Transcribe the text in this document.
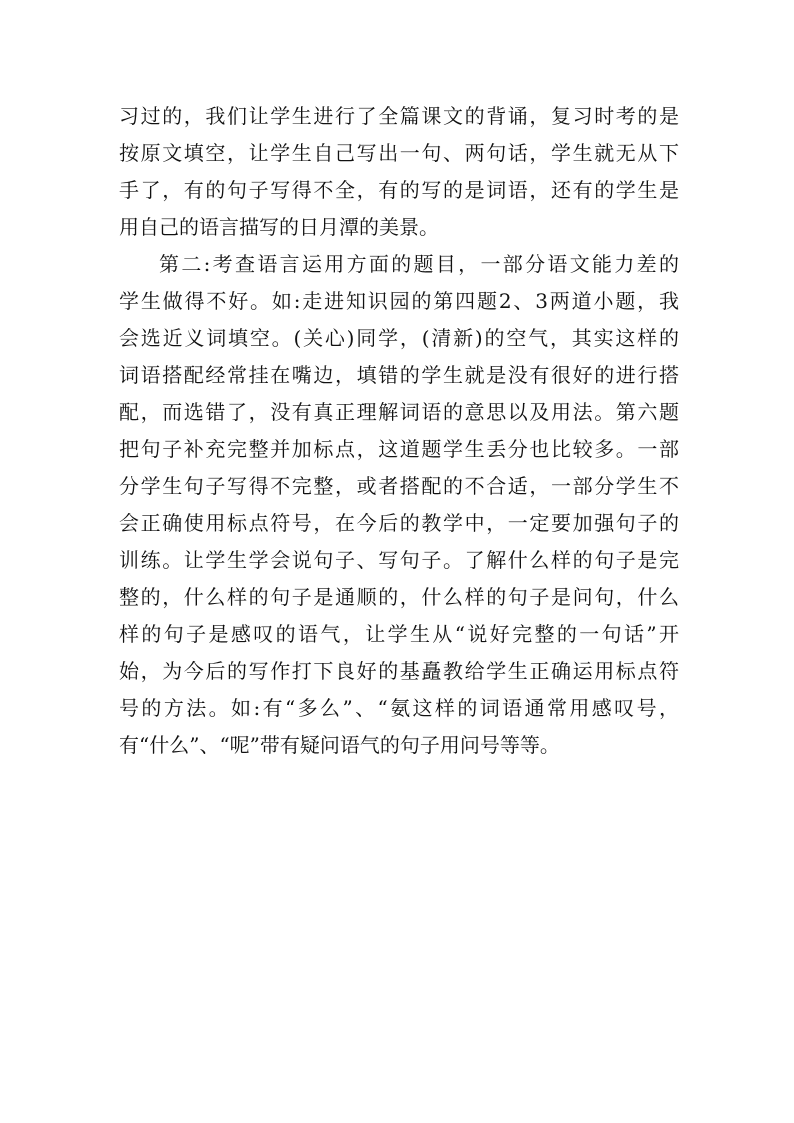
习过的，我们让学生进行了全篇课文的背诵，复习时考的是
按原文填空，让学生自己写出一句、两句话，学生就无从下
手了，有的句子写得不全，有的写的是词语，还有的学生是
用自己的语言描写的日月潭的美景。
第二:考查语言运用方面的题目，一部分语文能力差的
学生做得不好。如:走进知识园的第四题2、3两道小题，我
会选近义词填空。(关心)同学，(清新)的空气，其实这样的
词语搭配经常挂在嘴边，填错的学生就是没有很好的进行搭
配，而选错了，没有真正理解词语的意思以及用法。第六题
把句子补充完整并加标点，这道题学生丢分也比较多。一部
分学生句子写得不完整，或者搭配的不合适，一部分学生不
会正确使用标点符号，在今后的教学中，一定要加强句子的
训练。让学生学会说句子、写句子。了解什么样的句子是完
整的，什么样的句子是通顺的，什么样的句子是问句，什么
样的句子是感叹的语气，让学生从“说好完整的一句话”开
始，为今后的写作打下良好的基矗教给学生正确运用标点符
号的方法。如:有“多么”、“氨这样的词语通常用感叹号，
有“什么”、“呢”带有疑问语气的句子用问号等等。
